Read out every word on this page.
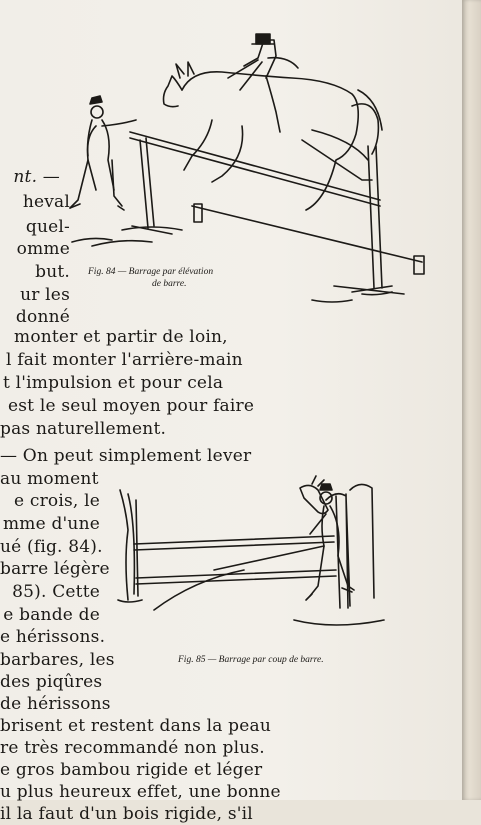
nt. —
heval
quel-
omme
but.
ur les
donné
Fig. 84 — Barrage par élévation
de barre.
monter et partir de loin,
l fait monter l'arrière-main
t l'impulsion et pour cela
est le seul moyen pour faire
pas naturellement.
— On peut simplement lever
au moment
e crois, le
mme d'une
ué (fig. 84).
barre légère
85). Cette
e bande de
e hérissons.
barbares, les
des piqûres
de hérissons
Fig. 85 — Barrage par coup de barre.
brisent et restent dans la peau
re très recommandé non plus.
e gros bambou rigide et léger
u plus heureux effet, une bonne
il la faut d'un bois rigide, s'il
